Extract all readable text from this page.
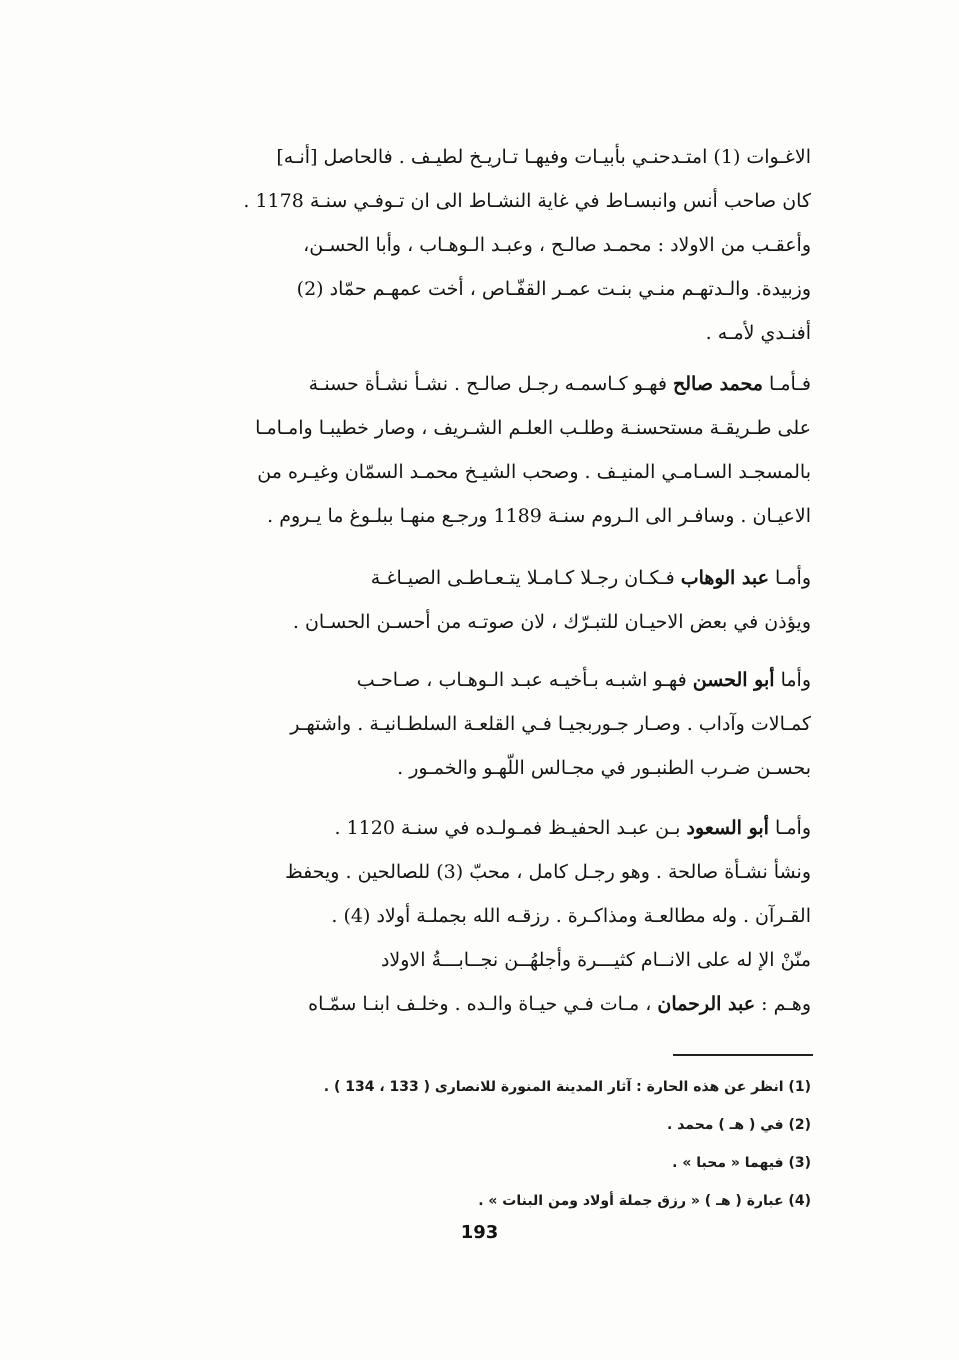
الاغـوات (1) امتـدحنـي بأبيـات وفيهـا تـاريـخ لطيـف . فالحاصل [أنـه]
كان صاحب أنس وانبسـاط في غاية النشـاط الى ان تـوفـي سنـة 1178 .
وأعقـب من الاولاد : محمـد صالـح ، وعبـد الـوهـاب ، وأبا الحسـن،
وزبيدة. والـدتهـم منـي بنـت عمـر القفّـاص ، أخت عمهـم حمّاد (2)
أفنـدي لأمـه .
فـأمـا محمد صالح فهـو كـاسمـه رجـل صالـح . نشـأ نشـأة حسنـة
على طـريقـة مستحسنـة وطلـب العلـم الشـريف ، وصار خطيبـا وامـامـا
بالمسجـد السـامـي المنيـف . وصحب الشيـخ محمـد السمّان وغيـره من
الاعيـان . وسافـر الى الـروم سنـة 1189 ورجـع منهـا ببلـوغ ما يـروم .
وأمـا عبد الوهاب فـكـان رجـلا كـامـلا يتـعـاطـى الصيـاغـة
ويؤذن في بعض الاحيـان للتبـرّك ، لان صوتـه من أحسـن الحسـان .
وأما أبو الحسن فهـو اشبـه بـأخيـه عبـد الـوهـاب ، صـاحـب
كمـالات وآداب . وصـار جـوربجيـا فـي القلعـة السلطـانيـة . واشتهـر
بحسـن ضـرب الطنبـور في مجـالس اللّهـو والخمـور .
وأمـا أبو السعود بـن عبـد الحفيـظ فمـولـده في سنـة 1120 .
ونشأ نشـأة صالحة . وهو رجـل كامل ، محبّ (3) للصالحين . ويحفظ
القـرآن . وله مطالعـة ومذاكـرة . رزقـه الله بجملـة أولاد (4) .
منّنْ الإ له على الانــام كثيـــرة وأجلهُــن نجــابـــةُ الاولاد
وهـم : عبد الرحمان ، مـات فـي حيـاة والـده . وخلـف ابنـا سمّـاه
(1) انظر عن هذه الحارة : آثار المدينة المنورة للانصارى ( 133 ، 134 ) .
(2) في ( هـ ) محمد .
(3) فيهما « محبا » .
(4) عبارة ( هـ ) « رزق جملة أولاد ومن البنات » .
193
